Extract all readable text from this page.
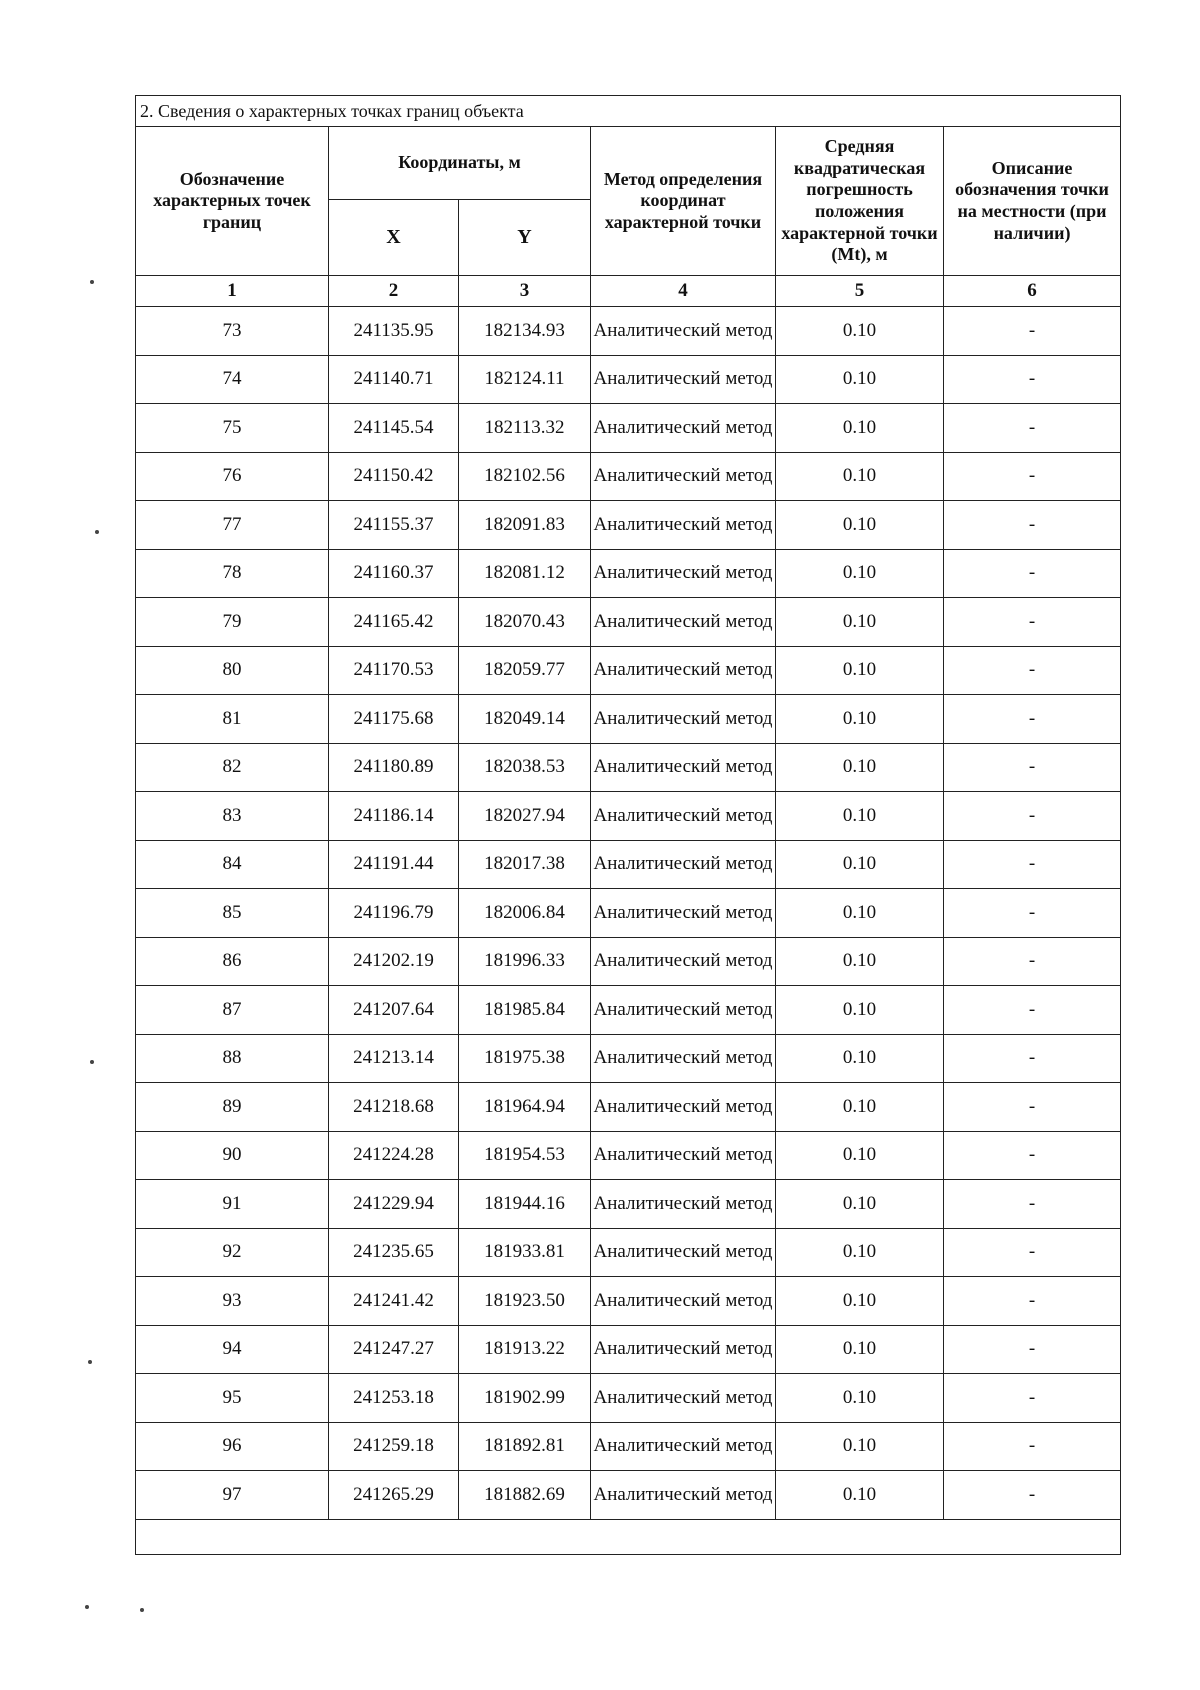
2. Сведения о характерных точках границ объекта					
Обозначение характерных точек границ	Координаты, м		Метод определения координат характерной точки	Средняя квадратическая погрешность положения характерной точки (Mt), м	Описание обозначения точки на местности (при наличии)
	X	Y			
1	2	3	4	5	6
73	241135.95	182134.93	Аналитический метод	0.10	-
74	241140.71	182124.11	Аналитический метод	0.10	-
75	241145.54	182113.32	Аналитический метод	0.10	-
76	241150.42	182102.56	Аналитический метод	0.10	-
77	241155.37	182091.83	Аналитический метод	0.10	-
78	241160.37	182081.12	Аналитический метод	0.10	-
79	241165.42	182070.43	Аналитический метод	0.10	-
80	241170.53	182059.77	Аналитический метод	0.10	-
81	241175.68	182049.14	Аналитический метод	0.10	-
82	241180.89	182038.53	Аналитический метод	0.10	-
83	241186.14	182027.94	Аналитический метод	0.10	-
84	241191.44	182017.38	Аналитический метод	0.10	-
85	241196.79	182006.84	Аналитический метод	0.10	-
86	241202.19	181996.33	Аналитический метод	0.10	-
87	241207.64	181985.84	Аналитический метод	0.10	-
88	241213.14	181975.38	Аналитический метод	0.10	-
89	241218.68	181964.94	Аналитический метод	0.10	-
90	241224.28	181954.53	Аналитический метод	0.10	-
91	241229.94	181944.16	Аналитический метод	0.10	-
92	241235.65	181933.81	Аналитический метод	0.10	-
93	241241.42	181923.50	Аналитический метод	0.10	-
94	241247.27	181913.22	Аналитический метод	0.10	-
95	241253.18	181902.99	Аналитический метод	0.10	-
96	241259.18	181892.81	Аналитический метод	0.10	-
97	241265.29	181882.69	Аналитический метод	0.10	-
